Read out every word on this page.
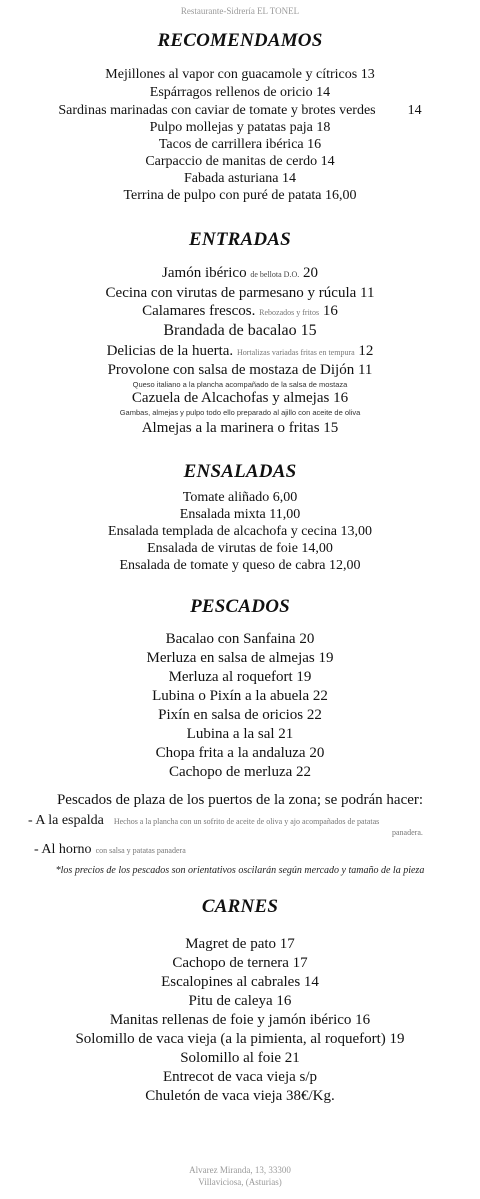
Restaurante-Sidrería EL TONEL
RECOMENDAMOS
Mejillones al vapor con guacamole y cítricos 13
Espárragos rellenos de oricio 14
Sardinas marinadas con caviar de tomate y brotes verdes 14
Pulpo mollejas y patatas paja 18
Tacos de carrillera ibérica 16
Carpaccio de manitas de cerdo 14
Fabada asturiana 14
Terrina de pulpo con puré de patata 16,00
ENTRADAS
Jamón ibérico de bellota D.O. 20
Cecina con virutas de parmesano y rúcula 11
Calamares frescos. Rebozados y fritos 16
Brandada de bacalao 15
Delicias de la huerta. Hortalizas variadas fritas en tempura 12
Provolone con salsa de mostaza de Dijón 11
Queso italiano a la plancha acompañado de la salsa de mostaza
Cazuela de Alcachofas y almejas 16
Gambas, almejas y pulpo todo ello preparado al ajillo con aceite de oliva
Almejas a la marinera o fritas 15
ENSALADAS
Tomate aliñado 6,00
Ensalada mixta 11,00
Ensalada templada de alcachofa y cecina 13,00
Ensalada de virutas de foie 14,00
Ensalada de tomate y queso de cabra 12,00
PESCADOS
Bacalao con Sanfaina 20
Merluza en salsa de almejas 19
Merluza al roquefort 19
Lubina o Pixín a la abuela 22
Pixín en salsa de oricios 22
Lubina a la sal 21
Chopa frita a la andaluza 20
Cachopo de merluza 22
Pescados de plaza de los puertos de la zona; se podrán hacer:
- A la espalda Hechos a la plancha con un sofrito de aceite de oliva y ajo acompañados de patatas
panadera.
- Al horno con salsa y patatas panadera
*los precios de los pescados son orientativos oscilarán según mercado y tamaño de la pieza
CARNES
Magret de pato 17
Cachopo de ternera 17
Escalopines al cabrales 14
Pitu de caleya 16
Manitas rellenas de foie y jamón ibérico 16
Solomillo de vaca vieja (a la pimienta, al roquefort) 19
Solomillo al foie 21
Entrecot de vaca vieja s/p
Chuletón de vaca vieja 38€/Kg.
Alvarez Miranda, 13, 33300
Villaviciosa, (Asturias)
